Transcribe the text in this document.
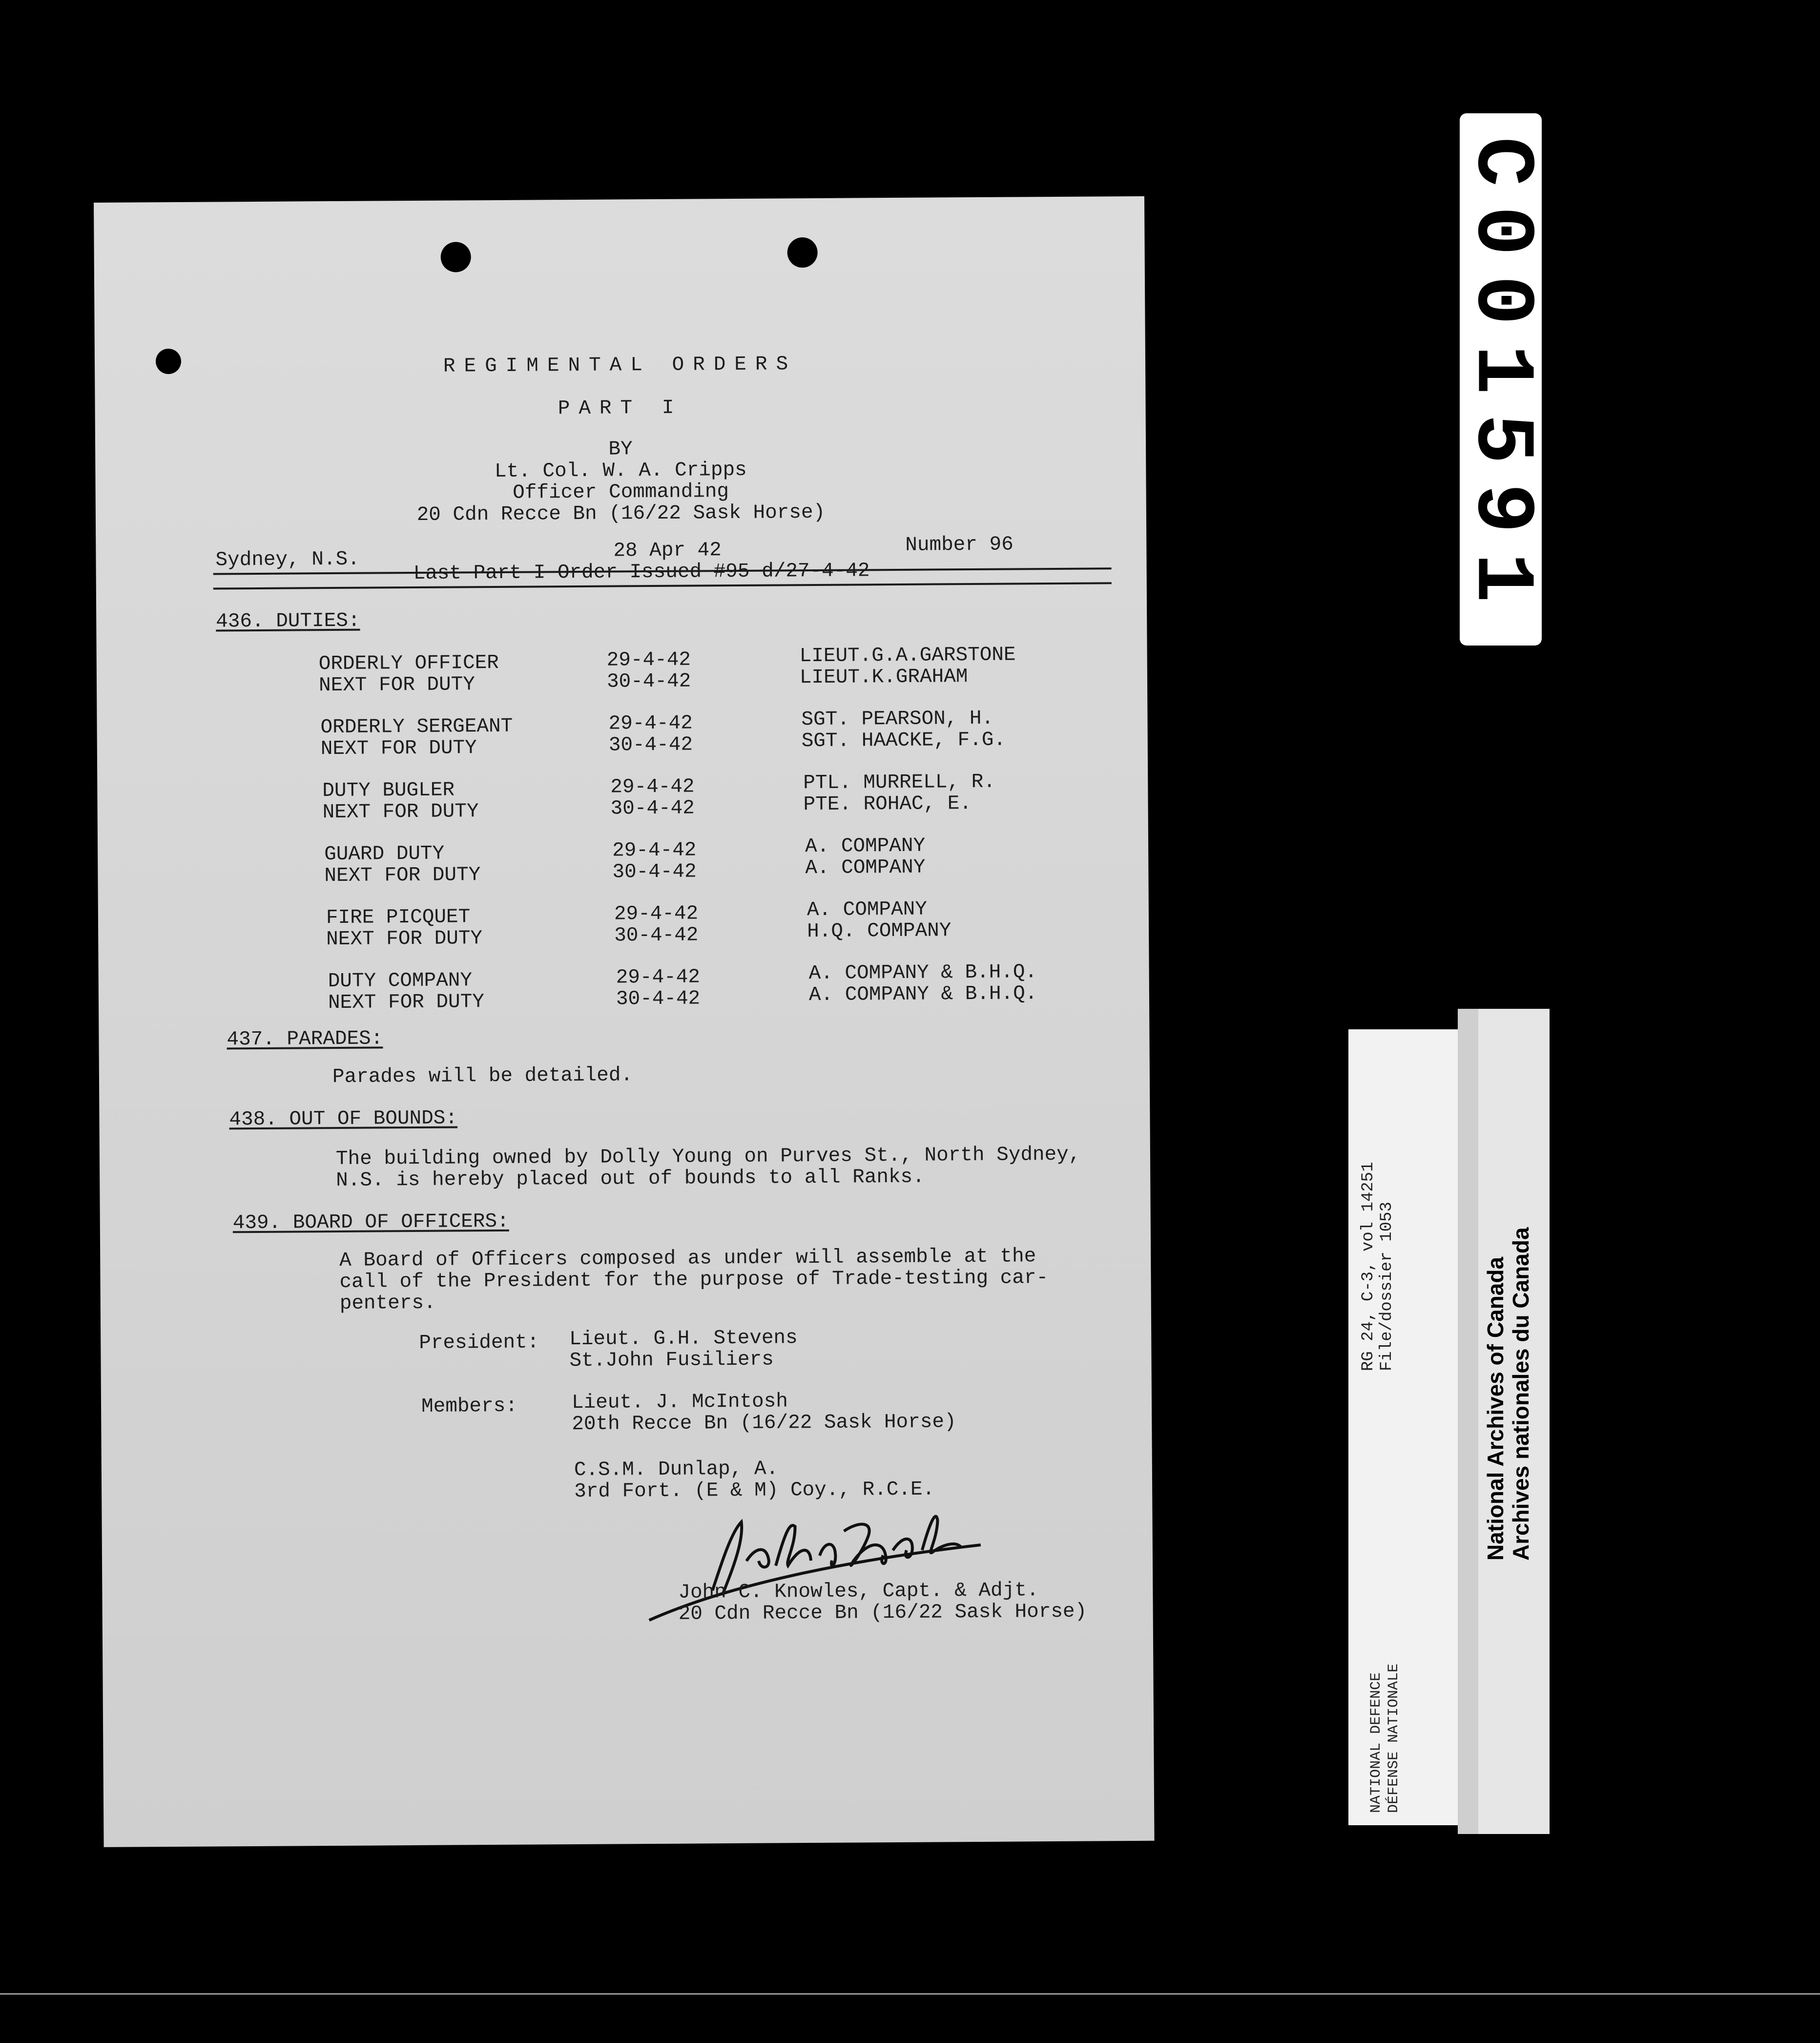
REGIMENTAL ORDERS
PART I
BY
Lt. Col. W. A. Cripps
Officer Commanding
20 Cdn Recce Bn (16/22 Sask Horse)
Sydney, N.S.	28 Apr 42	Number 96
Last Part I Order Issued #95 d/27-4-42
436. DUTIES:
ORDERLY OFFICER	29-4-42	LIEUT.G.A.GARSTONE
NEXT FOR DUTY	30-4-42	LIEUT.K.GRAHAM
ORDERLY SERGEANT	29-4-42	SGT. PEARSON, H.
NEXT FOR DUTY	30-4-42	SGT. HAACKE, F.G.
DUTY BUGLER	29-4-42	PTL. MURRELL, R.
NEXT FOR DUTY	30-4-42	PTE. ROHAC, E.
GUARD DUTY	29-4-42	A. COMPANY
NEXT FOR DUTY	30-4-42	A. COMPANY
FIRE PICQUET	29-4-42	A. COMPANY
NEXT FOR DUTY	30-4-42	H.Q. COMPANY
DUTY COMPANY	29-4-42	A. COMPANY & B.H.Q.
NEXT FOR DUTY	30-4-42	A. COMPANY & B.H.Q.
437. PARADES:
Parades will be detailed.
438. OUT OF BOUNDS:
The building owned by Dolly Young on Purves St., North Sydney,
N.S. is hereby placed out of bounds to all Ranks.
439. BOARD OF OFFICERS:
A Board of Officers composed as under will assemble at the
call of the President for the purpose of Trade-testing car-
penters.
President: Lieut. G.H. Stevens
St.John Fusiliers
Members:	Lieut. J. McIntosh
20th Recce Bn (16/22 Sask Horse)
C.S.M. Dunlap, A.
3rd Fort. (E & M) Coy., R.C.E.
John C. Knowles, Capt. & Adjt.
20 Cdn Recce Bn (16/22 Sask Horse)
C001591
RG 24, C-3, vol 14251 File/dossier 1053
NATIONAL DEFENCE DÉFENSE NATIONALE
National Archives of Canada Archives nationales du Canada
